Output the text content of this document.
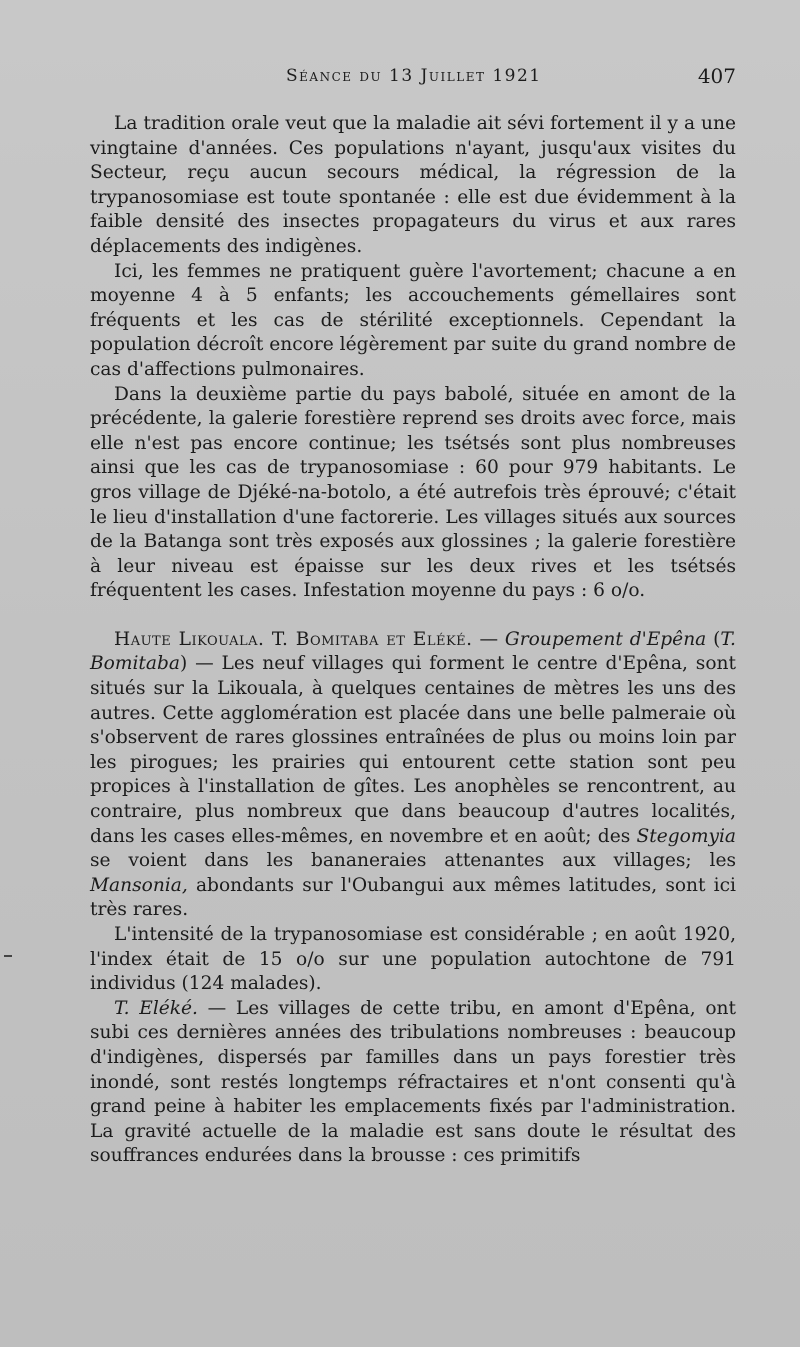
Séance du 13 Juillet 1921	407

La tradition orale veut que la maladie ait sévi fortement il y a une vingtaine d'années. Ces populations n'ayant, jusqu'aux visites du Secteur, reçu aucun secours médical, la régression de la trypanosomiase est toute spontanée : elle est due évidemment à la faible densité des insectes propagateurs du virus et aux rares déplacements des indigènes.

Ici, les femmes ne pratiquent guère l'avortement; chacune a en moyenne 4 à 5 enfants; les accouchements gémellaires sont fréquents et les cas de stérilité exceptionnels. Cependant la population décroît encore légèrement par suite du grand nombre de cas d'affections pulmonaires.

Dans la deuxième partie du pays babolé, située en amont de la précédente, la galerie forestière reprend ses droits avec force, mais elle n'est pas encore continue; les tsétsés sont plus nombreuses ainsi que les cas de trypanosomiase : 60 pour 979 habitants. Le gros village de Djéké-na-botolo, a été autrefois très éprouvé; c'était le lieu d'installation d'une factorerie. Les villages situés aux sources de la Batanga sont très exposés aux glossines ; la galerie forestière à leur niveau est épaisse sur les deux rives et les tsétsés fréquentent les cases. Infestation moyenne du pays : 6 o/o.

Haute Likouala. T. Bomitaba et Eléké. — Groupement d'Epêna (T. Bomitaba) — Les neuf villages qui forment le centre d'Epêna, sont situés sur la Likouala, à quelques centaines de mètres les uns des autres. Cette agglomération est placée dans une belle palmeraie où s'observent de rares glossines entraînées de plus ou moins loin par les pirogues; les prairies qui entourent cette station sont peu propices à l'installation de gîtes. Les anophèles se rencontrent, au contraire, plus nombreux que dans beaucoup d'autres localités, dans les cases elles-mêmes, en novembre et en août; des Stegomyia se voient dans les bananeraies attenantes aux villages; les Mansonia, abondants sur l'Oubangui aux mêmes latitudes, sont ici très rares.

L'intensité de la trypanosomiase est considérable ; en août 1920, l'index était de 15 o/o sur une population autochtone de 791 individus (124 malades).

T. Eléké. — Les villages de cette tribu, en amont d'Epêna, ont subi ces dernières années des tribulations nombreuses : beaucoup d'indigènes, dispersés par familles dans un pays forestier très inondé, sont restés longtemps réfractaires et n'ont consenti qu'à grand peine à habiter les emplacements fixés par l'administration. La gravité actuelle de la maladie est sans doute le résultat des souffrances endurées dans la brousse : ces primitifs
